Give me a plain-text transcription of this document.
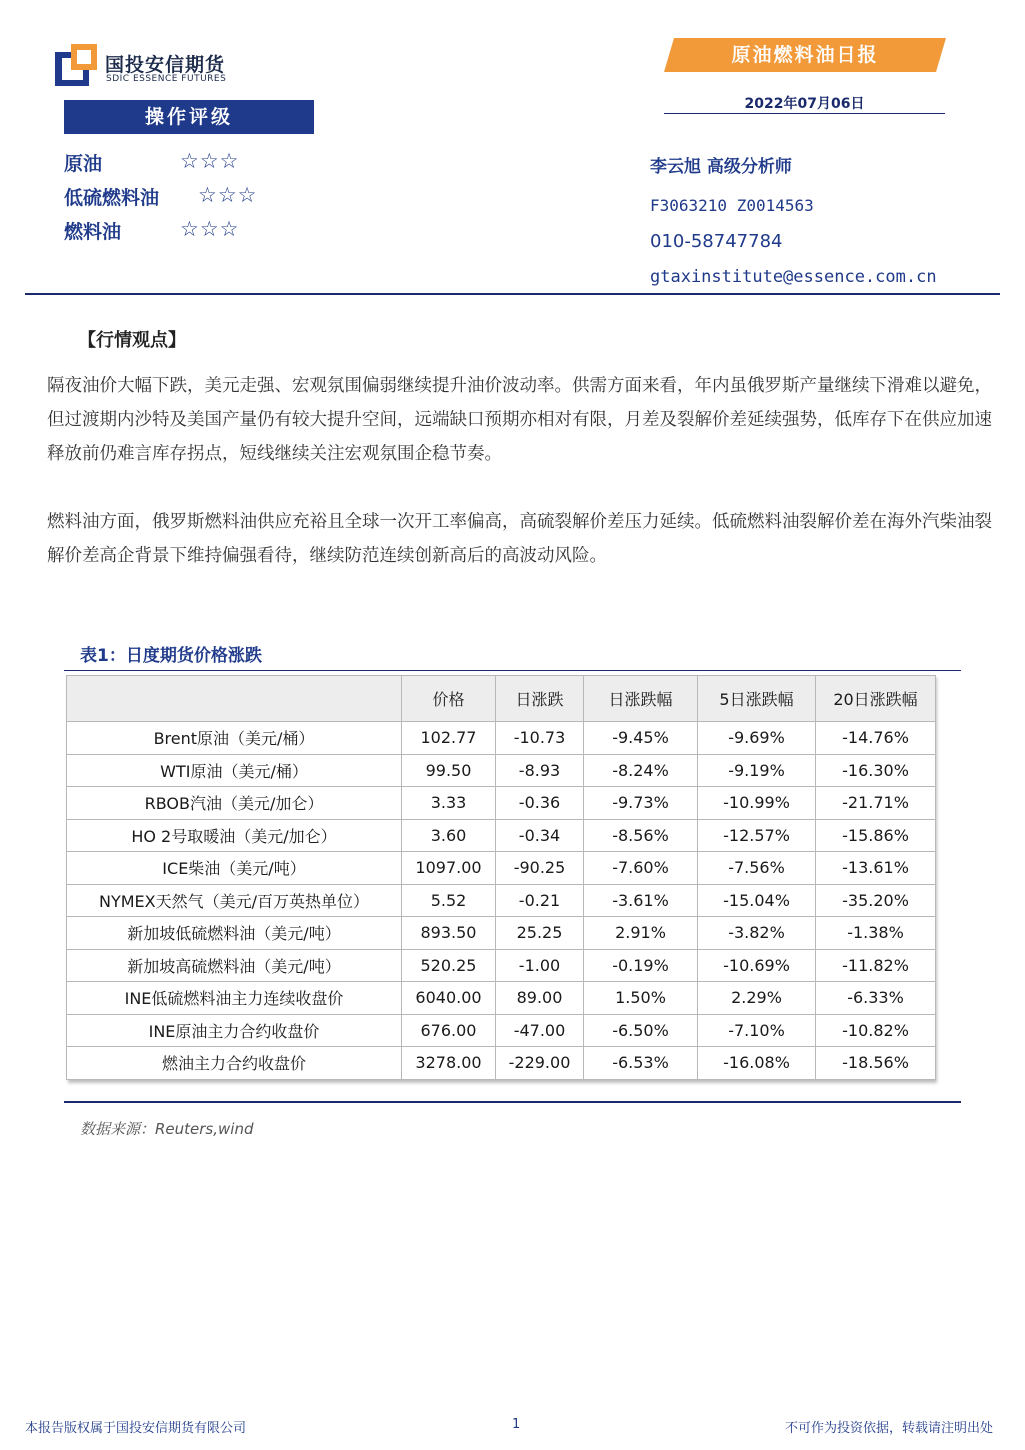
国投安信期货
SDIC ESSENCE FUTURES
原油燃料油日报
2022年07月06日
操作评级
原油	☆☆☆
低硫燃料油 ☆☆☆
燃料油	☆☆☆
李云旭 高级分析师
F3063210 Z0014563
010-58747784
gtaxinstitute@essence.com.cn
【行情观点】
隔夜油价大幅下跌，美元走强、宏观氛围偏弱继续提升油价波动率。供需方面来看，年内虽俄罗斯产量继续下滑难以避免，但过渡期内沙特及美国产量仍有较大提升空间，远端缺口预期亦相对有限，月差及裂解价差延续强势，低库存下在供应加速释放前仍难言库存拐点，短线继续关注宏观氛围企稳节奏。
燃料油方面，俄罗斯燃料油供应充裕且全球一次开工率偏高，高硫裂解价差压力延续。低硫燃料油裂解价差在海外汽柴油裂解价差高企背景下维持偏强看待，继续防范连续创新高后的高波动风险。
表1：日度期货价格涨跌
	价格	日涨跌	日涨跌幅	5日涨跌幅	20日涨跌幅
Brent原油（美元/桶）	102.77	-10.73	-9.45%	-9.69%	-14.76%
WTI原油（美元/桶）	99.50	-8.93	-8.24%	-9.19%	-16.30%
RBOB汽油（美元/加仑）	3.33	-0.36	-9.73%	-10.99%	-21.71%
HO 2号取暖油（美元/加仑）	3.60	-0.34	-8.56%	-12.57%	-15.86%
ICE柴油（美元/吨）	1097.00	-90.25	-7.60%	-7.56%	-13.61%
NYMEX天然气（美元/百万英热单位）	5.52	-0.21	-3.61%	-15.04%	-35.20%
新加坡低硫燃料油（美元/吨）	893.50	25.25	2.91%	-3.82%	-1.38%
新加坡高硫燃料油（美元/吨）	520.25	-1.00	-0.19%	-10.69%	-11.82%
INE低硫燃料油主力连续收盘价	6040.00	89.00	1.50%	2.29%	-6.33%
INE原油主力合约收盘价	676.00	-47.00	-6.50%	-7.10%	-10.82%
燃油主力合约收盘价	3278.00	-229.00	-6.53%	-16.08%	-18.56%
数据来源：Reuters,wind
本报告版权属于国投安信期货有限公司	1	不可作为投资依据，转载请注明出处
